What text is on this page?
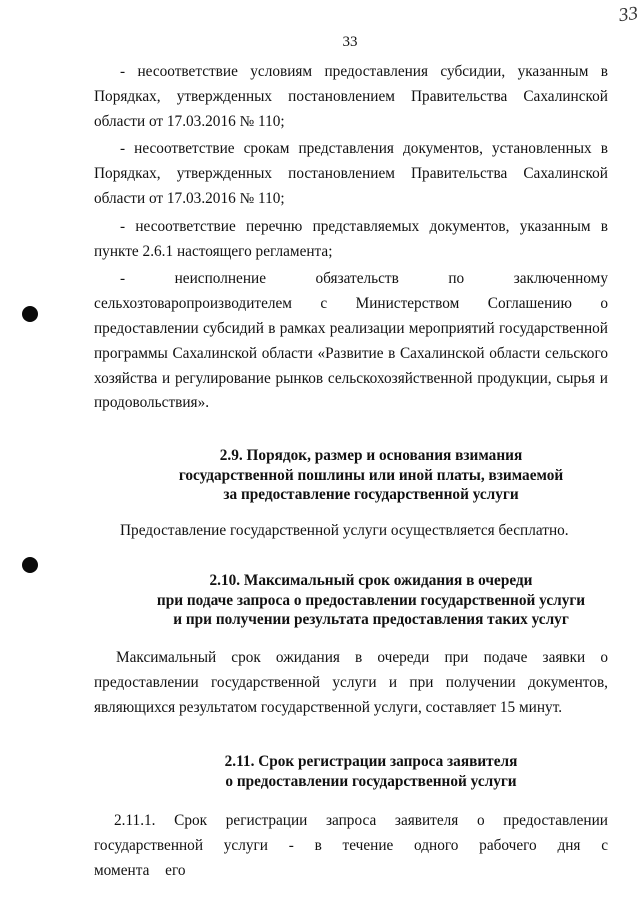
33
33

- несоответствие условиям предоставления субсидии, указанным в Порядках, утвержденных постановлением Правительства Сахалинской области от 17.03.2016 № 110;

- несоответствие срокам представления документов, установленных в Порядках, утвержденных постановлением Правительства Сахалинской области от 17.03.2016 № 110;

- несоответствие перечню представляемых документов, указанным в пункте 2.6.1 настоящего регламента;

- неисполнение обязательств по заключенному сельхозтоваропроизводителем с Министерством Соглашению о предоставлении субсидий в рамках реализации мероприятий государственной программы Сахалинской области «Развитие в Сахалинской области сельского хозяйства и регулирование рынков сельскохозяйственной продукции, сырья и продовольствия».

2.9. Порядок, размер и основания взимания
государственной пошлины или иной платы, взимаемой
за предоставление государственной услуги

Предоставление государственной услуги осуществляется бесплатно.

2.10. Максимальный срок ожидания в очереди
при подаче запроса о предоставлении государственной услуги
и при получении результата предоставления таких услуг

Максимальный срок ожидания в очереди при подаче заявки о предоставлении государственной услуги и при получении документов, являющихся результатом государственной услуги, составляет 15 минут.

2.11. Срок регистрации запроса заявителя
о предоставлении государственной услуги

2.11.1. Срок регистрации запроса заявителя о предоставлении государственной услуги - в течение одного рабочего дня с момента его
